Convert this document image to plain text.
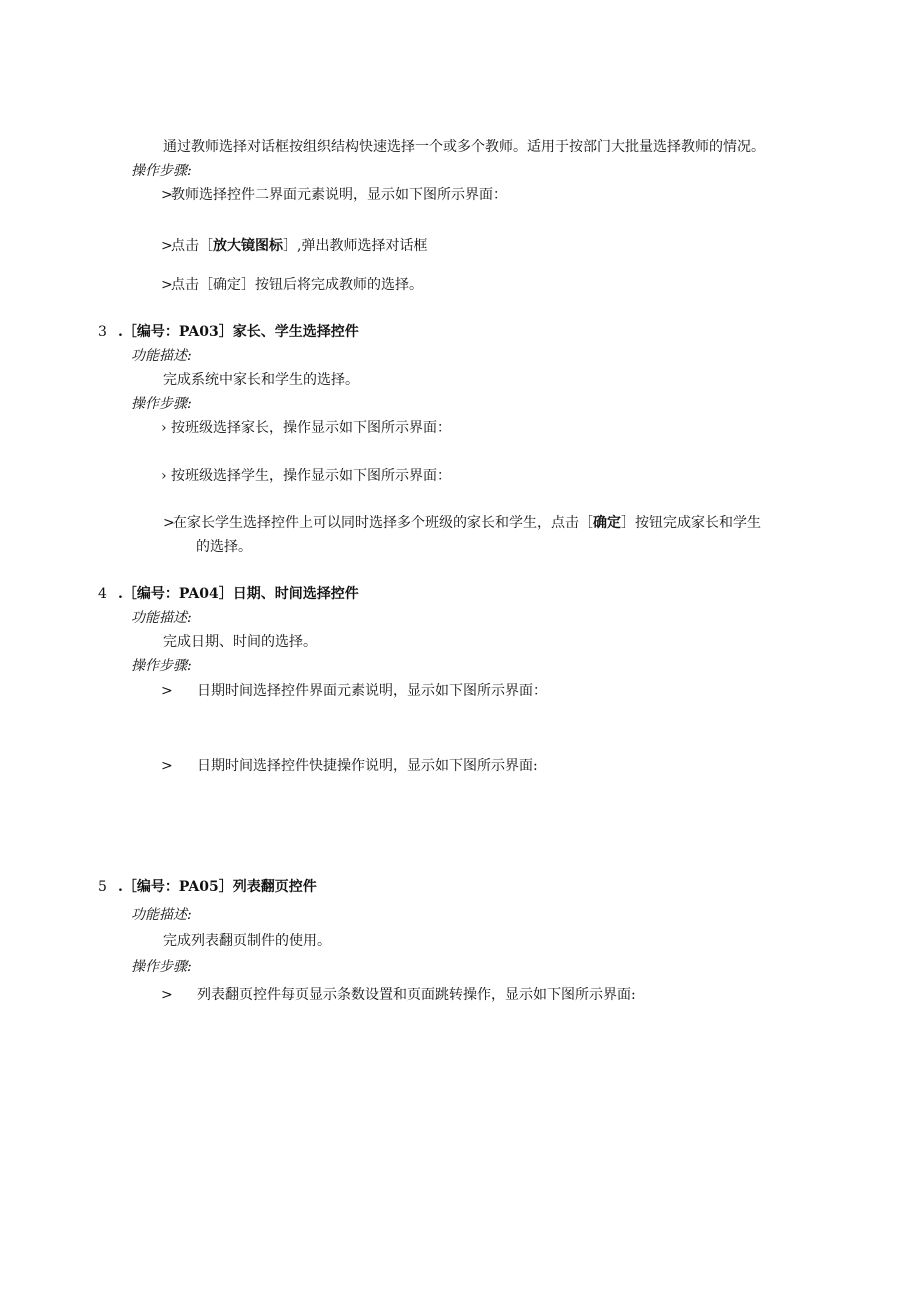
通过教师选择对话框按组织结构快速选择一个或多个教师。适用于按部门大批量选择教师的情况。
操作步骤:
>教师选择控件二界面元素说明，显示如下图所示界面：
>点击［放大镜图标］,弹出教师选择对话框
>点击［确定］按钮后将完成教师的选择。
3 .［编号：PA03］家长、学生选择控件
功能描述:
完成系统中家长和学生的选择。
操作步骤:
› 按班级选择家长，操作显示如下图所示界面：
› 按班级选择学生，操作显示如下图所示界面：
>在家长学生选择控件上可以同时选择多个班级的家长和学生，点击［确定］按钮完成家长和学生
的选择。
4 .［编号：PA04］日期、时间选择控件
功能描述:
完成日期、时间的选择。
操作步骤:
> 日期时间选择控件界面元素说明，显示如下图所示界面：
> 日期时间选择控件快捷操作说明，显示如下图所示界面:
5 .［编号：PA05］列表翻页控件
功能描述:
完成列表翻页制件的使用。
操作步骤:
> 列表翻页控件每页显示条数设置和页面跳转操作，显示如下图所示界面:
